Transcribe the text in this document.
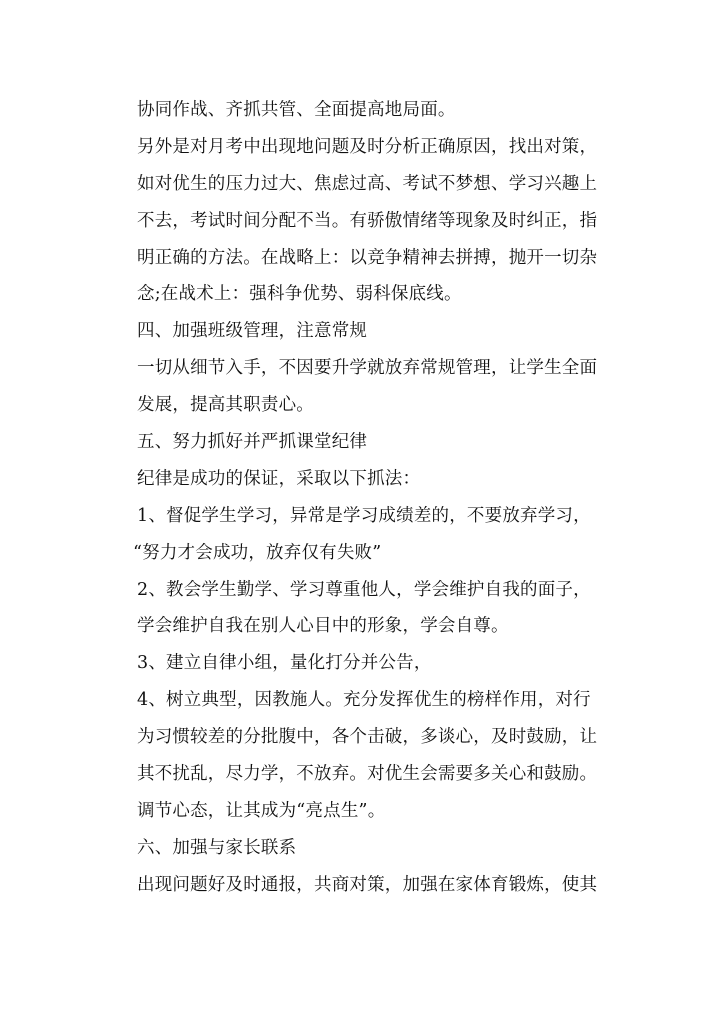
协同作战、齐抓共管、全面提高地局面。
另外是对月考中出现地问题及时分析正确原因，找出对策，
如对优生的压力过大、焦虑过高、考试不梦想、学习兴趣上
不去，考试时间分配不当。有骄傲情绪等现象及时纠正，指
明正确的方法。在战略上：以竞争精神去拼搏，抛开一切杂
念;在战术上：强科争优势、弱科保底线。
四、加强班级管理，注意常规
一切从细节入手，不因要升学就放弃常规管理，让学生全面
发展，提高其职责心。
五、努力抓好并严抓课堂纪律
纪律是成功的保证，采取以下抓法：
1、督促学生学习，异常是学习成绩差的，不要放弃学习，
“努力才会成功，放弃仅有失败”
2、教会学生勤学、学习尊重他人，学会维护自我的面子，
学会维护自我在别人心目中的形象，学会自尊。
3、建立自律小组，量化打分并公告，
4、树立典型，因教施人。充分发挥优生的榜样作用，对行
为习惯较差的分批腹中，各个击破，多谈心，及时鼓励，让
其不扰乱，尽力学，不放弃。对优生会需要多关心和鼓励。
调节心态，让其成为“亮点生”。
六、加强与家长联系
出现问题好及时通报，共商对策，加强在家体育锻炼，使其
